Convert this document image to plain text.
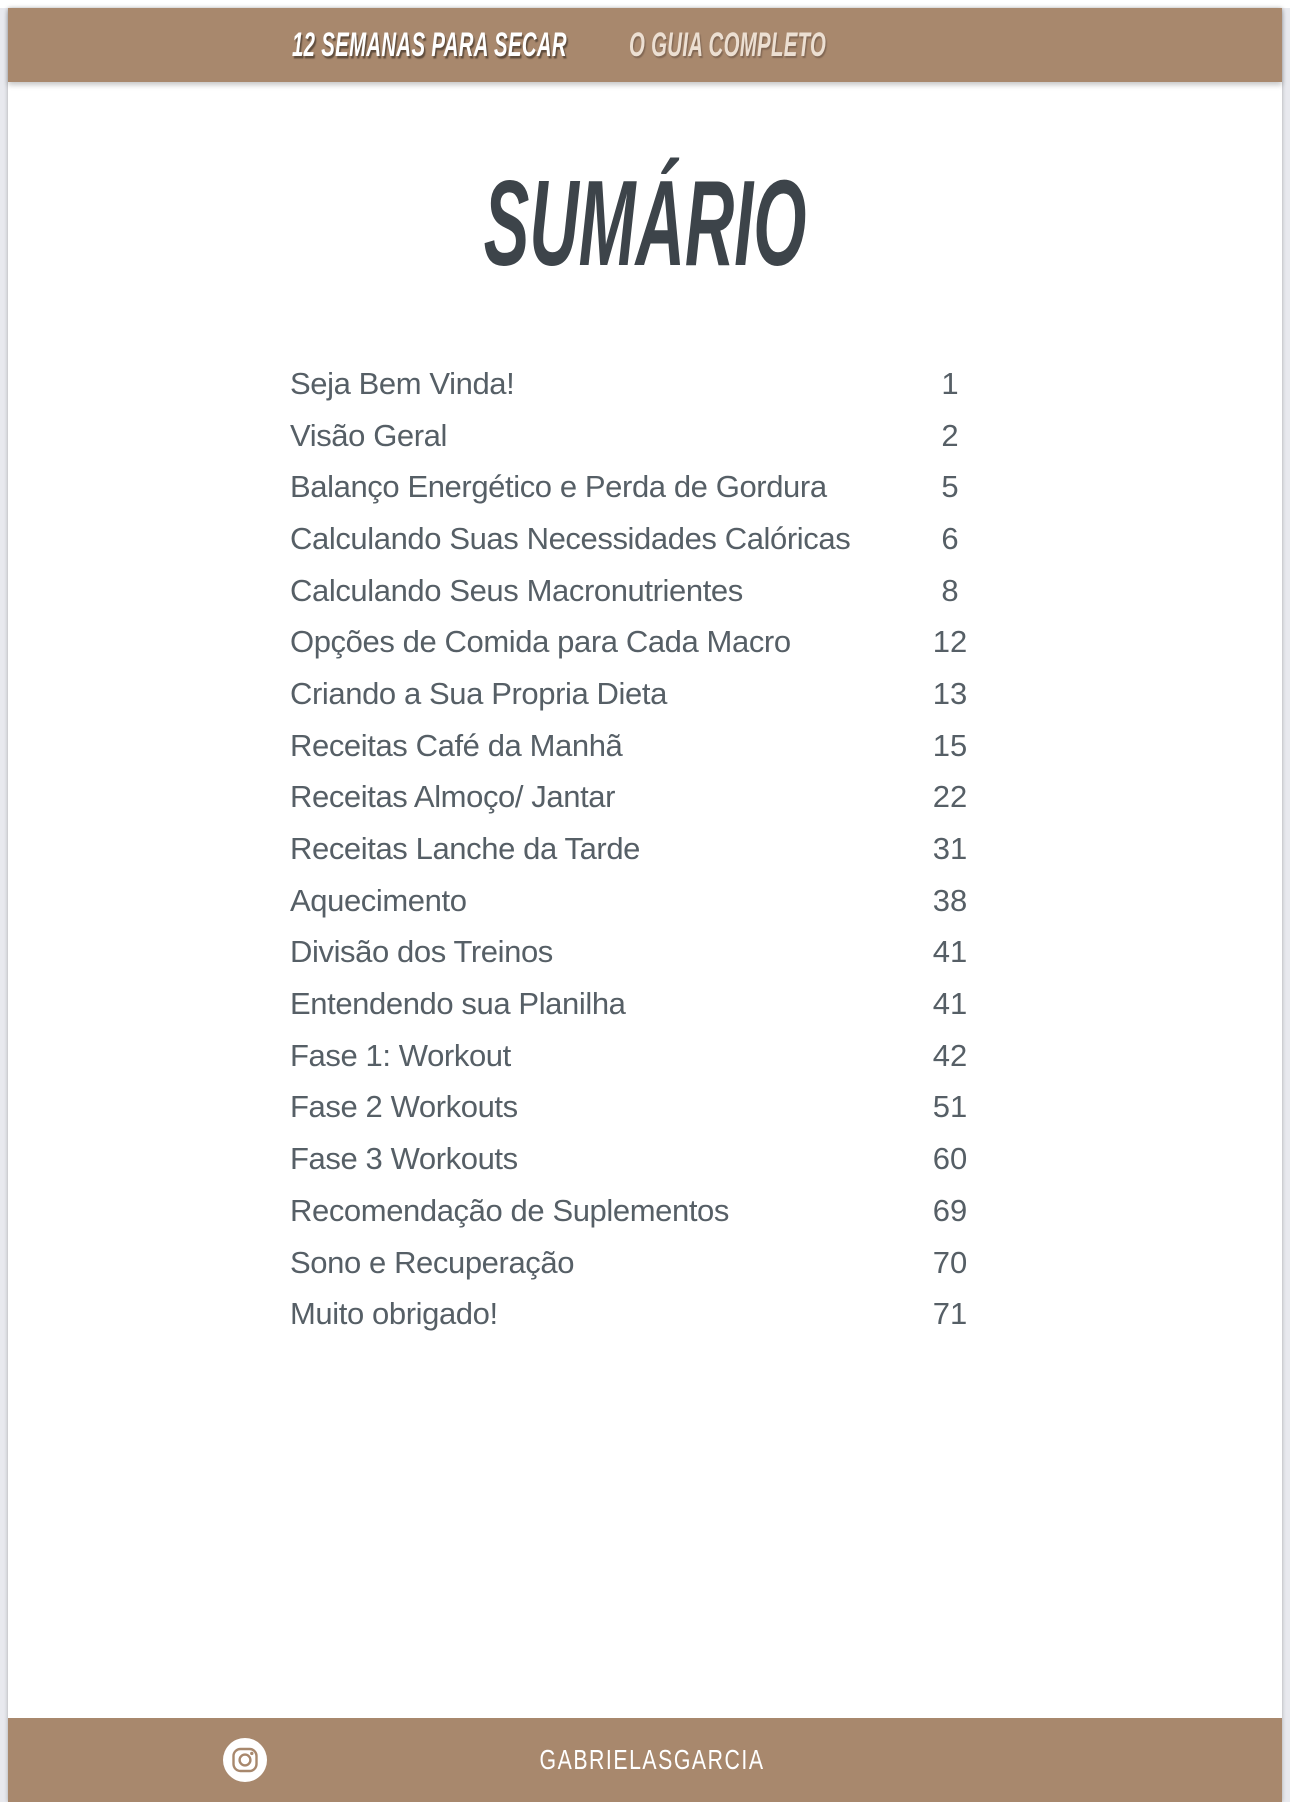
12 SEMANAS PARA SECAR O GUIA COMPLETO
SUMÁRIO
Seja Bem Vinda!	1
Visão Geral	2
Balanço Energético e Perda de Gordura	5
Calculando Suas Necessidades Calóricas	6
Calculando Seus Macronutrientes	8
Opções de Comida para Cada Macro	12
Criando a Sua Propria Dieta	13
Receitas Café da Manhã	15
Receitas Almoço/ Jantar	22
Receitas Lanche da Tarde	31
Aquecimento	38
Divisão dos Treinos	41
Entendendo sua Planilha	41
Fase 1: Workout	42
Fase 2 Workouts	51
Fase 3 Workouts	60
Recomendação de Suplementos	69
Sono e Recuperação	70
Muito obrigado!	71
GABRIELASGARCIA
